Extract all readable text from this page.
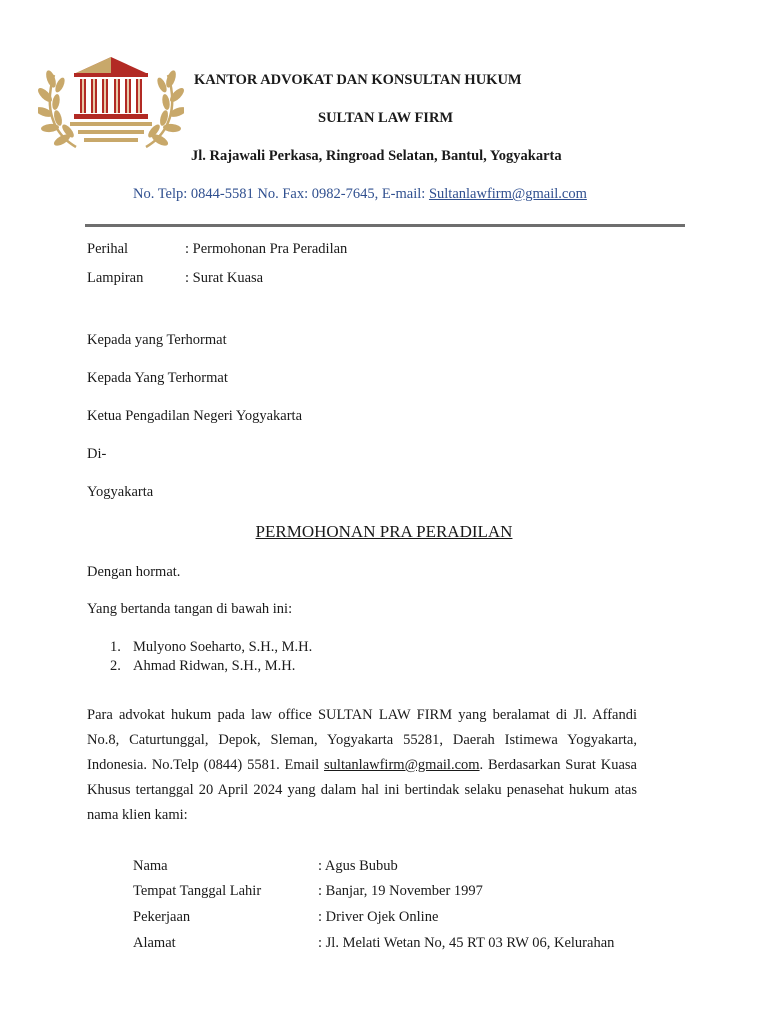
KANTOR ADVOKAT DAN KONSULTAN HUKUM
SULTAN LAW FIRM
Jl. Rajawali Perkasa, Ringroad Selatan, Bantul, Yogyakarta
No. Telp: 0844-5581 No. Fax: 0982-7645, E-mail: Sultanlawfirm@gmail.com
Perihal	: Permohonan Pra Peradilan
Lampiran	: Surat Kuasa
Kepada yang Terhormat
Kepada Yang Terhormat
Ketua Pengadilan Negeri Yogyakarta
Di-
Yogyakarta
PERMOHONAN PRA PERADILAN
Dengan hormat.
Yang bertanda tangan di bawah ini:
1. Mulyono Soeharto, S.H., M.H.
2. Ahmad Ridwan, S.H., M.H.
Para advokat hukum pada law office SULTAN LAW FIRM yang beralamat di Jl. Affandi No.8, Caturtunggal, Depok, Sleman, Yogyakarta 55281, Daerah Istimewa Yogyakarta, Indonesia. No.Telp (0844) 5581. Email sultanlawfirm@gmail.com. Berdasarkan Surat Kuasa Khusus tertanggal 20 April 2024 yang dalam hal ini bertindak selaku penasehat hukum atas nama klien kami:
Nama	: Agus Bubub
Tempat Tanggal Lahir	: Banjar, 19 November 1997
Pekerjaan	: Driver Ojek Online
Alamat	: Jl. Melati Wetan No, 45 RT 03 RW 06, Kelurahan
